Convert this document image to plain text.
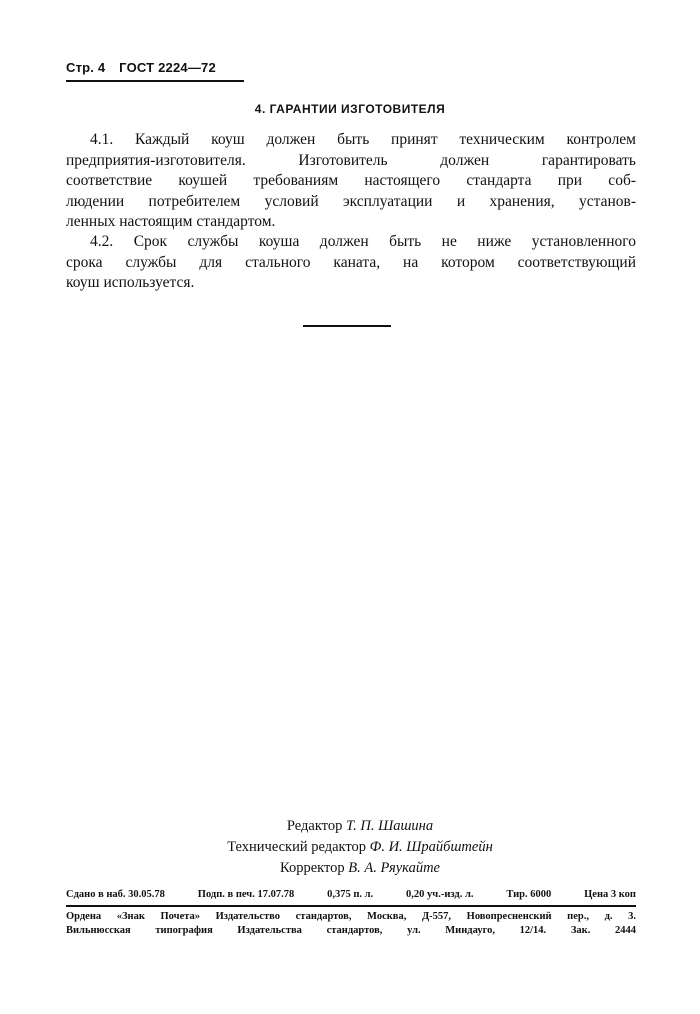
Стр. 4 ГОСТ 2224—72
4. ГАРАНТИИ ИЗГОТОВИТЕЛЯ
4.1. Каждый коуш должен быть принят техническим контролем
предприятия-изготовителя. Изготовитель должен гарантировать
соответствие коушей требованиям настоящего стандарта при соб-
людении потребителем условий эксплуатации и хранения, установ-
ленных настоящим стандартом.
4.2. Срок службы коуша должен быть не ниже установленного
срока службы для стального каната, на котором соответствующий
коуш используется.
Редактор Т. П. Шашина
Технический редактор Ф. И. Шрайбштейн
Корректор В. А. Ряукайте
Сдано в наб. 30.05.78	Подп. в печ. 17.07.78	0,375 п. л.	0,20 уч.-изд. л.	Тир. 6000	Цена 3 коп
Ордена «Знак Почета» Издательство стандартов, Москва, Д-557, Новопресненский пер., д. 3.
Вильнюсская типография Издательства стандартов, ул. Миндауго, 12/14. Зак. 2444
